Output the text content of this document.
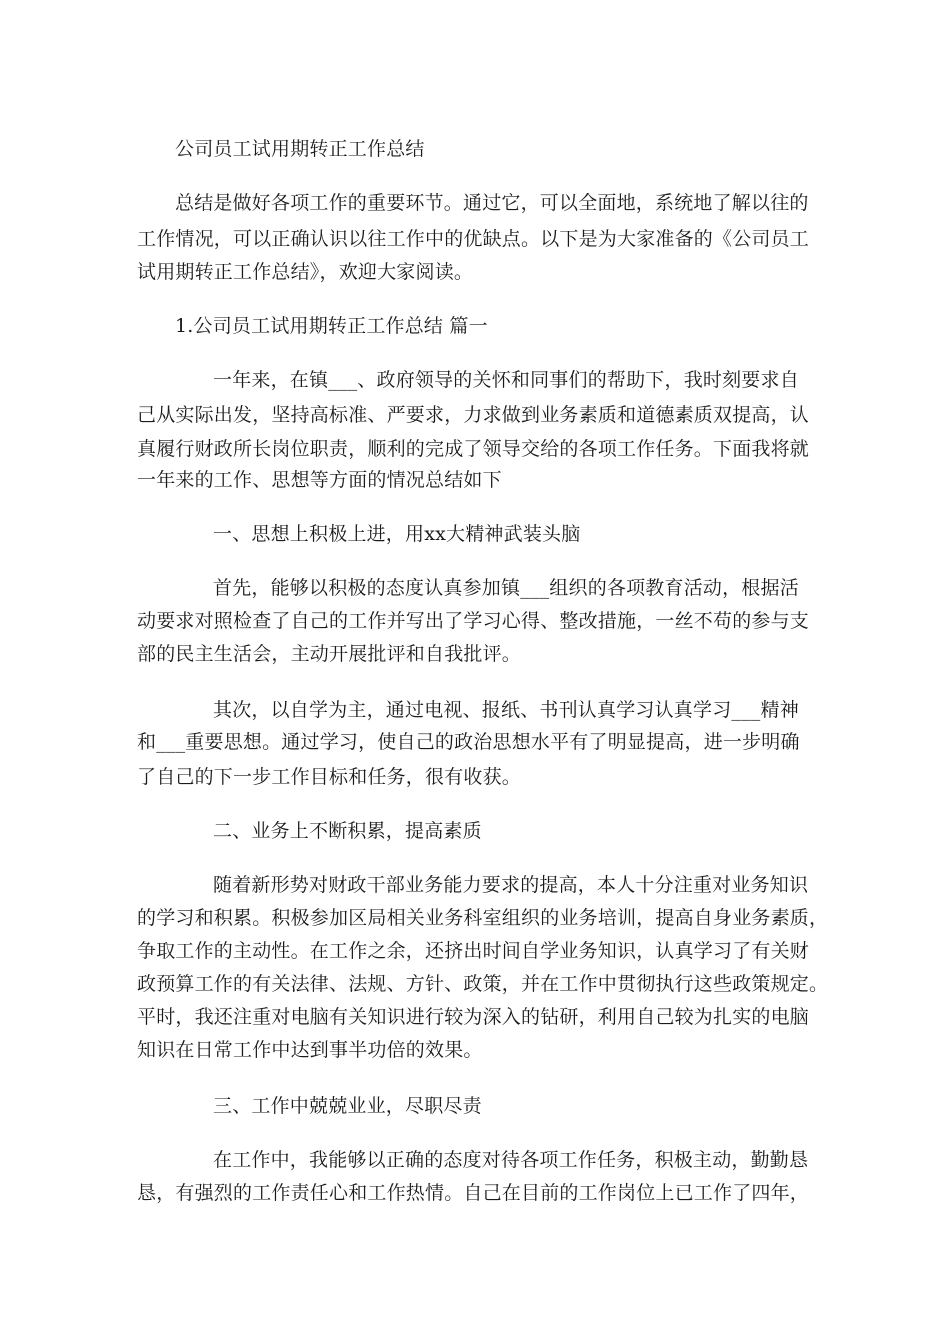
公司员工试用期转正工作总结

总结是做好各项工作的重要环节。通过它，可以全面地，系统地了解以往的

工作情况，可以正确认识以往工作中的优缺点。以下是为大家准备的《公司员工

试用期转正工作总结》，欢迎大家阅读。

1.公司员工试用期转正工作总结 篇一

一年来，在镇___、政府领导的关怀和同事们的帮助下，我时刻要求自

己从实际出发，坚持高标准、严要求，力求做到业务素质和道德素质双提高，认

真履行财政所长岗位职责，顺利的完成了领导交给的各项工作任务。下面我将就

一年来的工作、思想等方面的情况总结如下

一、思想上积极上进，用xx大精神武装头脑

首先，能够以积极的态度认真参加镇___组织的各项教育活动，根据活

动要求对照检查了自己的工作并写出了学习心得、整改措施，一丝不苟的参与支

部的民主生活会，主动开展批评和自我批评。

其次，以自学为主，通过电视、报纸、书刊认真学习认真学习___精神

和___重要思想。通过学习，使自己的政治思想水平有了明显提高，进一步明确

了自己的下一步工作目标和任务，很有收获。

二、业务上不断积累，提高素质

随着新形势对财政干部业务能力要求的提高，本人十分注重对业务知识

的学习和积累。积极参加区局相关业务科室组织的业务培训，提高自身业务素质，

争取工作的主动性。在工作之余，还挤出时间自学业务知识，认真学习了有关财

政预算工作的有关法律、法规、方针、政策，并在工作中贯彻执行这些政策规定。

平时，我还注重对电脑有关知识进行较为深入的钻研，利用自己较为扎实的电脑

知识在日常工作中达到事半功倍的效果。

三、工作中兢兢业业，尽职尽责

在工作中，我能够以正确的态度对待各项工作任务，积极主动，勤勤恳

恳，有强烈的工作责任心和工作热情。自己在目前的工作岗位上已工作了四年，
